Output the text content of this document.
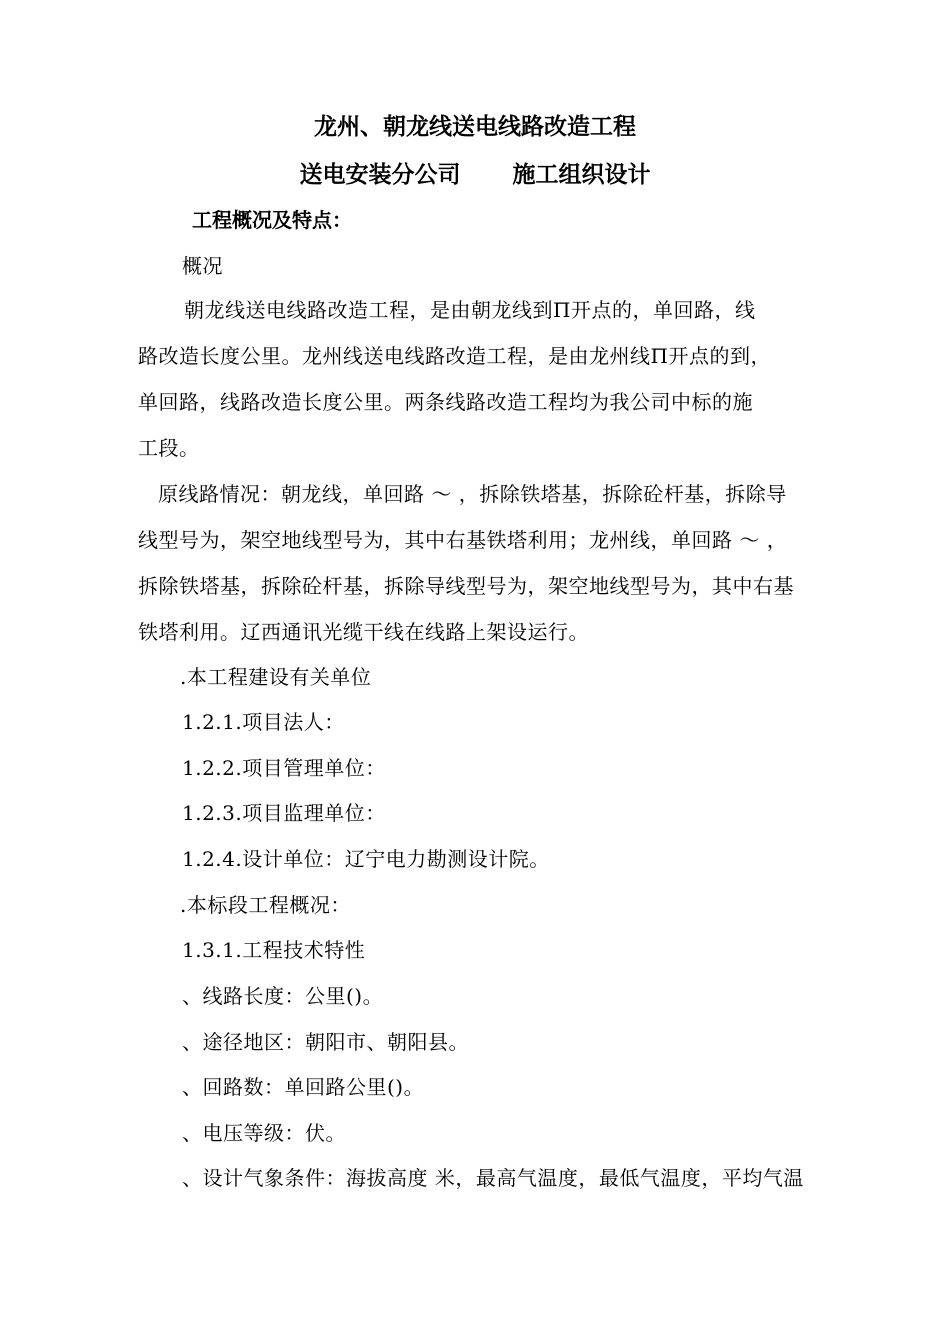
龙州、朝龙线送电线路改造工程
送电安装分公司 施工组织设计
工程概况及特点：
概况
朝龙线送电线路改造工程，是由朝龙线到Π开点的，单回路，线
路改造长度公里。龙州线送电线路改造工程，是由龙州线Π开点的到，
单回路，线路改造长度公里。两条线路改造工程均为我公司中标的施
工段。
原线路情况：朝龙线，单回路 ～ ，拆除铁塔基，拆除砼杆基，拆除导
线型号为，架空地线型号为，其中右基铁塔利用；龙州线，单回路 ～ ，
拆除铁塔基，拆除砼杆基，拆除导线型号为，架空地线型号为，其中右基
铁塔利用。辽西通讯光缆干线在线路上架设运行。
.本工程建设有关单位
1.2.1.项目法人：
1.2.2.项目管理单位：
1.2.3.项目监理单位：
1.2.4.设计单位：辽宁电力勘测设计院。
.本标段工程概况：
1.3.1.工程技术特性
、线路长度：公里()。
、途径地区：朝阳市、朝阳县。
、回路数：单回路公里()。
、电压等级：伏。
、设计气象条件：海拔高度 米，最高气温度，最低气温度，平均气温
